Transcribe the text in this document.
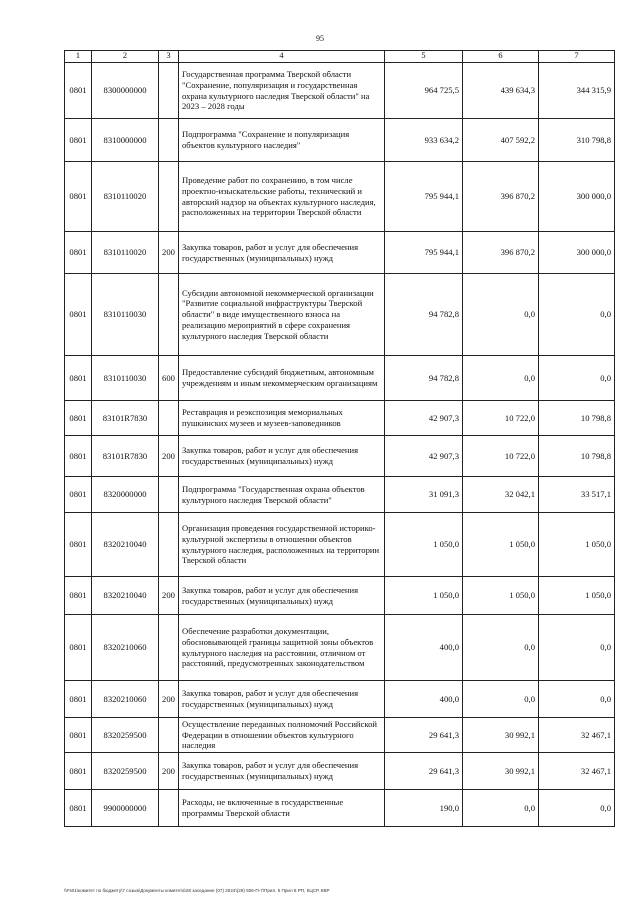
95
1	2	3	4	5	6	7
0801	8300000000		Государственная программа Тверской области "Сохранение, популяризация и государственная охрана культурного наследия Тверской области" на 2023 – 2028 годы	964 725,5	439 634,3	344 315,9
0801	8310000000		Подпрограмма "Сохранение и популяризация объектов культурного наследия"	933 634,2	407 592,2	310 798,8
0801	8310110020		Проведение работ по сохранению, в том числе проектно-изыскательские работы, технический и авторский надзор на объектах культурного наследия, расположенных на территории Тверской области	795 944,1	396 870,2	300 000,0
0801	8310110020	200	Закупка товаров, работ и услуг для обеспечения государственных (муниципальных) нужд	795 944,1	396 870,2	300 000,0
0801	8310110030		Субсидии автономной некоммерческой организации "Развитие социальной инфраструктуры Тверской области" в виде имущественного взноса на реализацию мероприятий в сфере сохранения культурного наследия Тверской области	94 782,8	0,0	0,0
0801	8310110030	600	Предоставление субсидий бюджетным, автономным учреждениям и иным некоммерческим организациям	94 782,8	0,0	0,0
0801	83101R7830		Реставрация и реэкспозиция мемориальных пушкинских музеев и музеев-заповедников	42 907,3	10 722,0	10 798,8
0801	83101R7830	200	Закупка товаров, работ и услуг для обеспечения государственных (муниципальных) нужд	42 907,3	10 722,0	10 798,8
0801	8320000000		Подпрограмма "Государственная охрана объектов культурного наследия Тверской области"	31 091,3	32 042,1	33 517,1
0801	8320210040		Организация проведения государственной историко-культурной экспертизы в отношении объектов культурного наследия, расположенных на территории Тверской области	1 050,0	1 050,0	1 050,0
0801	8320210040	200	Закупка товаров, работ и услуг для обеспечения государственных (муниципальных) нужд	1 050,0	1 050,0	1 050,0
0801	8320210060		Обеспечение разработки документации, обосновывающей границы защитной зоны объектов культурного наследия на расстоянии, отличном от расстояний, предусмотренных законодательством	400,0	0,0	0,0
0801	8320210060	200	Закупка товаров, работ и услуг для обеспечения государственных (муниципальных) нужд	400,0	0,0	0,0
0801	8320259500		Осуществление переданных полномочий Российской Федерации в отношении объектов культурного наследия	29 641,3	30 992,1	32 467,1
0801	8320259500	200	Закупка товаров, работ и услуг для обеспечения государственных (муниципальных) нужд	29 641,3	30 992,1	32 467,1
0801	9900000000		Расходы, не включенные в государственные программы Тверской области	190,0	0,0	0,0
\\Fs01\комитет по бюджету\7 созыв\Документы комитета\28 заседание (07) 2024\(28) 506-П-7\Прил. 5 Прил 8 РП, КЦСР, КВР
